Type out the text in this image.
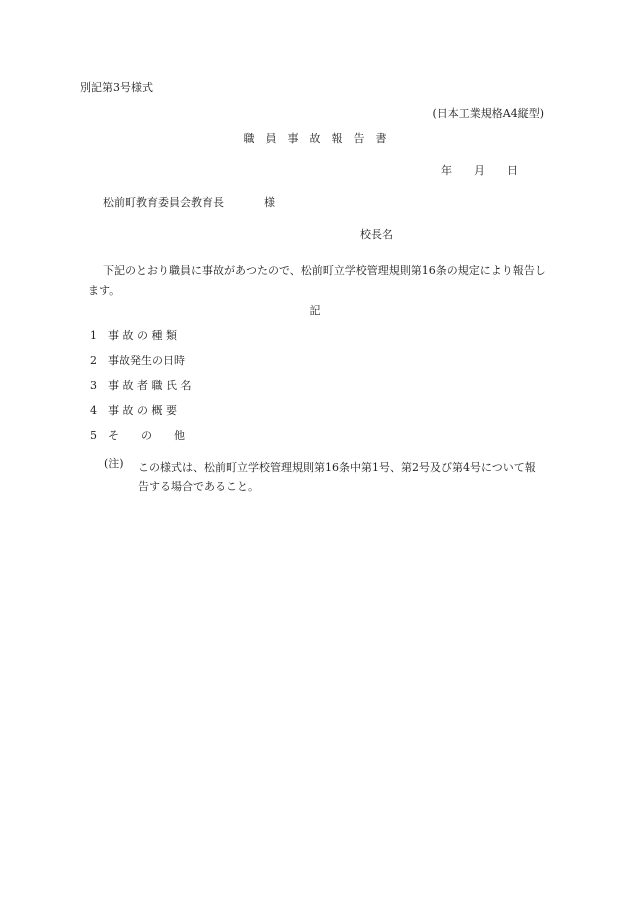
別記第3号様式
(日本工業規格A4縦型)
職　員　事　故　報　告　書
年 月 日
松前町教育委員会教育長	様
校長名
下記のとおり職員に事故があつたので、松前町立学校管理規則第16条の規定により報告します。
記
1 事 故 の 種 類
2 事故発生の日時
3 事 故 者 職 氏 名
4 事 故 の 概 要
5 そ　　の　　他
(注) この様式は、松前町立学校管理規則第16条中第1号、第2号及び第4号について報
告する場合であること。
